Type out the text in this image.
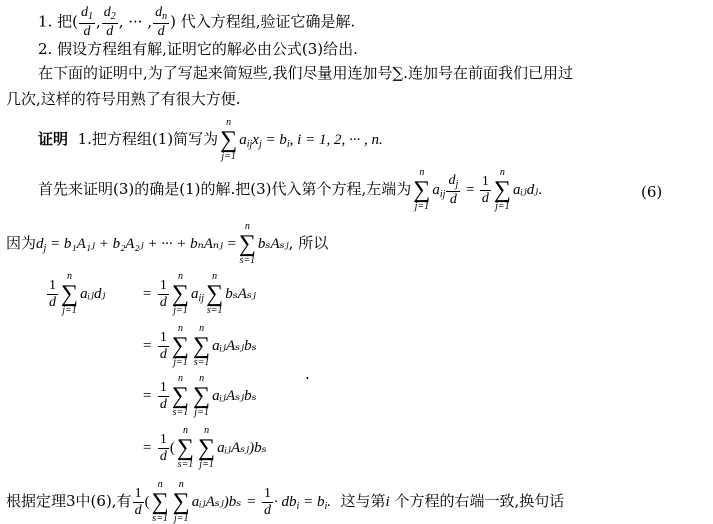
1. 把( $\frac{d_1}{d}$ , $\frac{d_2}{d}$ , ··· , $\frac{d_n}{d}$ ) 代入方程组,验证它确是解.
2. 假设方程组有解,证明它的解必由公式(3)给出.
在下面的证明中,为了写起来简短些,我们尽量用连加号∑.连加号在前面我们已用过
几次,这样的符号用熟了有很大方便.
证明 1.把方程组(1)简写为
n
∑
j=1
$a_{ij}x_j = b_i$, i = 1, 2, ··· , n.
首先来证明(3)的确是(1)的解.把(3)代入第个方程,左端为
n
∑
j=1
$a_{ij} \frac{d_j}{d} = \frac{1}{d}$
n
∑
j=1
aᵢⱼdⱼ.	(6)
因为$d_j$ = b₁A₁ⱼ + b₂A₂ⱼ + ··· + bₙAₙⱼ =
n
∑
s=1
bₛAₛⱼ, 所以
$\frac{1}{d}$
n
∑
j=1
aᵢⱼdⱼ = $\frac{1}{d}$
n
∑
j=1
$a_{ij}$
n
∑
s=1
bₛAₛⱼ
= $\frac{1}{d}$
n
∑
j=1
n
∑
s=1
aᵢⱼAₛⱼbₛ
.
= $\frac{1}{d}$
n
∑
s=1
n
∑
j=1
aᵢⱼAₛⱼbₛ
= $\frac{1}{d}$ (
n
∑
s=1
n
∑
j=1
aᵢⱼAₛⱼ)bₛ
根据定理3中(6),有 $\frac{1}{d}$ (
n
∑
s=1
n
∑
j=1
aᵢⱼAₛⱼ)bₛ = $\frac{1}{d} \cdot db_i = b_i$. 这与第i 个方程的右端一致,换句话
